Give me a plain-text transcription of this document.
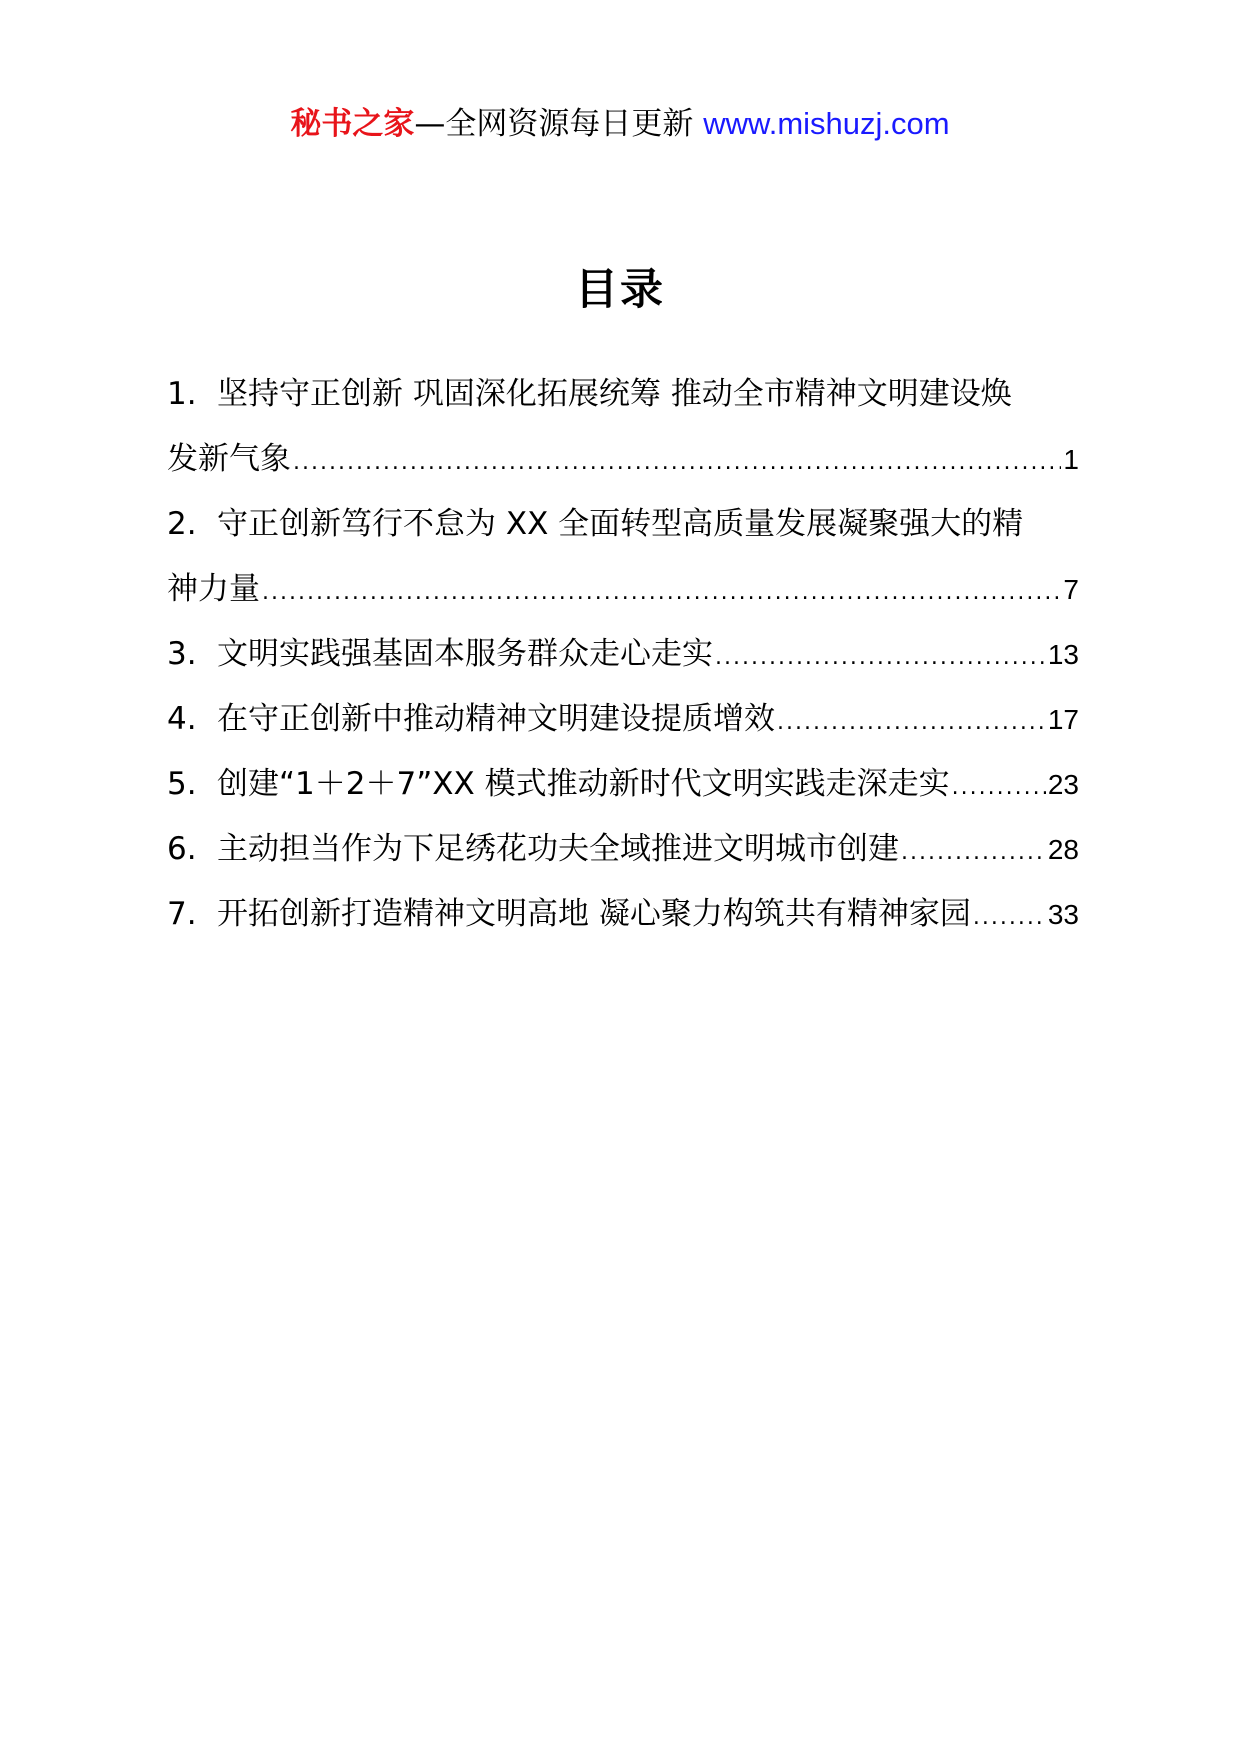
秘书之家—全网资源每日更新 www.mishuzj.com
目录
1. 坚持守正创新 巩固深化拓展统筹 推动全市精神文明建设焕
发新气象 .....	1
2. 守正创新笃行不怠为 XX 全面转型高质量发展凝聚强大的精
神力量 .....	7
3. 文明实践强基固本服务群众走心走实 .....	13
4. 在守正创新中推动精神文明建设提质增效 .....	17
5. 创建“1＋2＋7”XX 模式推动新时代文明实践走深走实 .....	23
6. 主动担当作为下足绣花功夫全域推进文明城市创建 .....	28
7. 开拓创新打造精神文明高地 凝心聚力构筑共有精神家园 .....	33
